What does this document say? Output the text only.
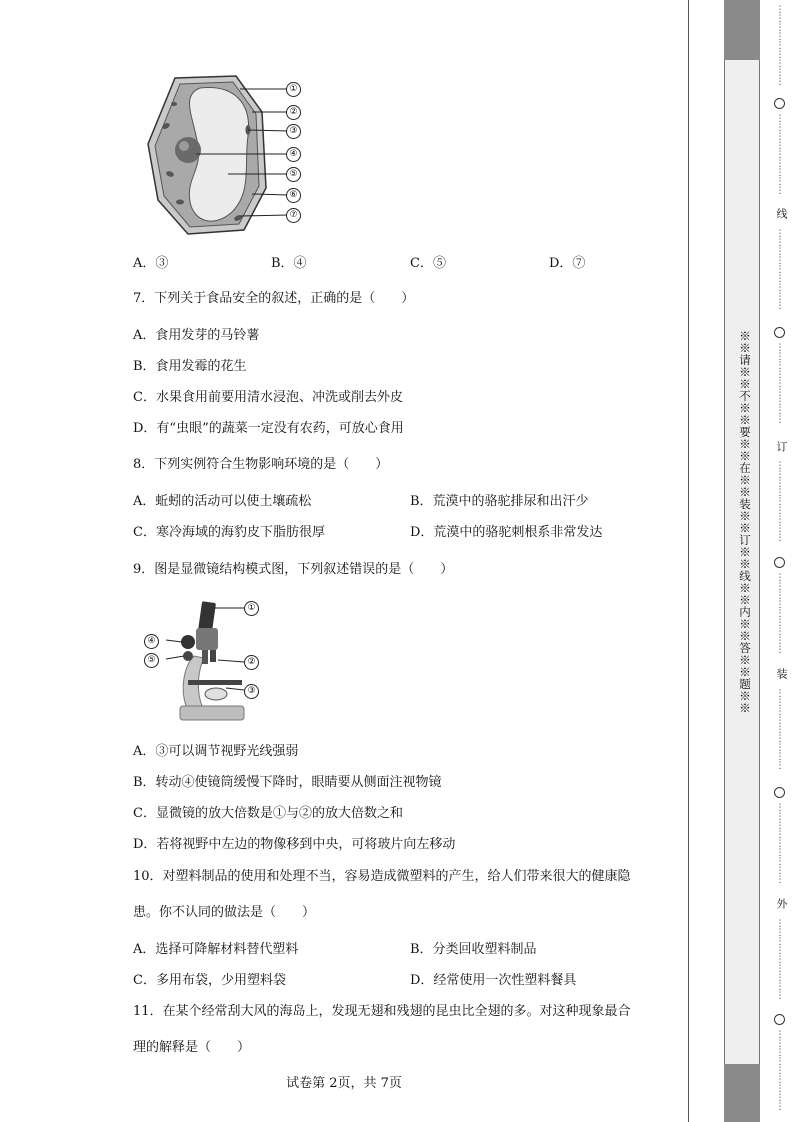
①
②
③
④
⑤
⑥
⑦
A．③	B．④	C．⑤	D．⑦
7．下列关于食品安全的叙述，正确的是（　　）
A．食用发芽的马铃薯
B．食用发霉的花生
C．水果食用前要用清水浸泡、冲洗或削去外皮
D．有“虫眼”的蔬菜一定没有农药，可放心食用
8．下列实例符合生物影响环境的是（　　）
A．蚯蚓的活动可以使土壤疏松	B．荒漠中的骆驼排尿和出汗少
C．寒冷海域的海豹皮下脂肪很厚	D．荒漠中的骆驼刺根系非常发达
9．图是显微镜结构模式图，下列叙述错误的是（　　）
①
②
③
④
⑤
A．③可以调节视野光线强弱
B．转动④使镜筒缓慢下降时，眼睛要从侧面注视物镜
C．显微镜的放大倍数是①与②的放大倍数之和
D．若将视野中左边的物像移到中央，可将玻片向左移动
10．对塑料制品的使用和处理不当，容易造成微塑料的产生，给人们带来很大的健康隐
患。你不认同的做法是（　　）
A．选择可降解材料替代塑料	B．分类回收塑料制品
C．多用布袋，少用塑料袋	D．经常使用一次性塑料餐具
11．在某个经常刮大风的海岛上，发现无翅和残翅的昆虫比全翅的多。对这种现象最合
理的解释是（　　）
试卷第 2页，共 7页
※※请※※不※※要※※在※※装※※订※※线※※内※※答※※题※※
⋮
⋮
⋮
⋮
⋮
⋮
⋮
⋮
⋮
⋮
⋮
⋮
⋮
⋮
⋮
⋮
⋮
⋮
线
⋮
⋮
⋮
⋮
⋮
⋮
⋮
⋮
⋮
⋮
⋮
⋮
⋮
⋮
⋮
⋮
⋮
⋮
订
⋮
⋮
⋮
⋮
⋮
⋮
⋮
⋮
⋮
⋮
⋮
⋮
⋮
⋮
⋮
⋮
⋮
⋮
装
⋮
⋮
⋮
⋮
⋮
⋮
⋮
⋮
⋮
⋮
⋮
⋮
⋮
⋮
⋮
⋮
⋮
⋮
外
⋮
⋮
⋮
⋮
⋮
⋮
⋮
⋮
⋮
⋮
⋮
⋮
⋮
⋮
⋮
⋮
⋮
⋮
